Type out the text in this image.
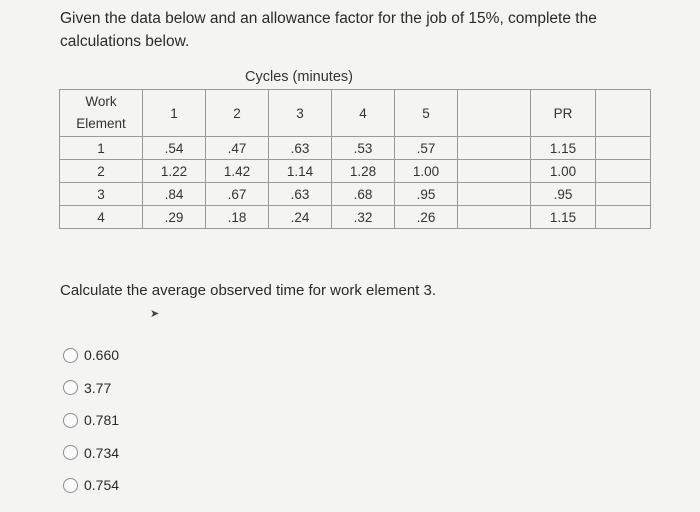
Given the data below and an allowance factor for the job of 15%, complete the
calculations below.
Cycles (minutes)
Work
Element	1	2	3	4	5		PR	
1	.54	.47	.63	.53	.57		1.15	
2	1.22	1.42	1.14	1.28	1.00		1.00	
3	.84	.67	.63	.68	.95		.95	
4	.29	.18	.24	.32	.26		1.15	
Calculate the average observed time for work element 3.
➤
0.660
3.77
0.781
0.734
0.754
